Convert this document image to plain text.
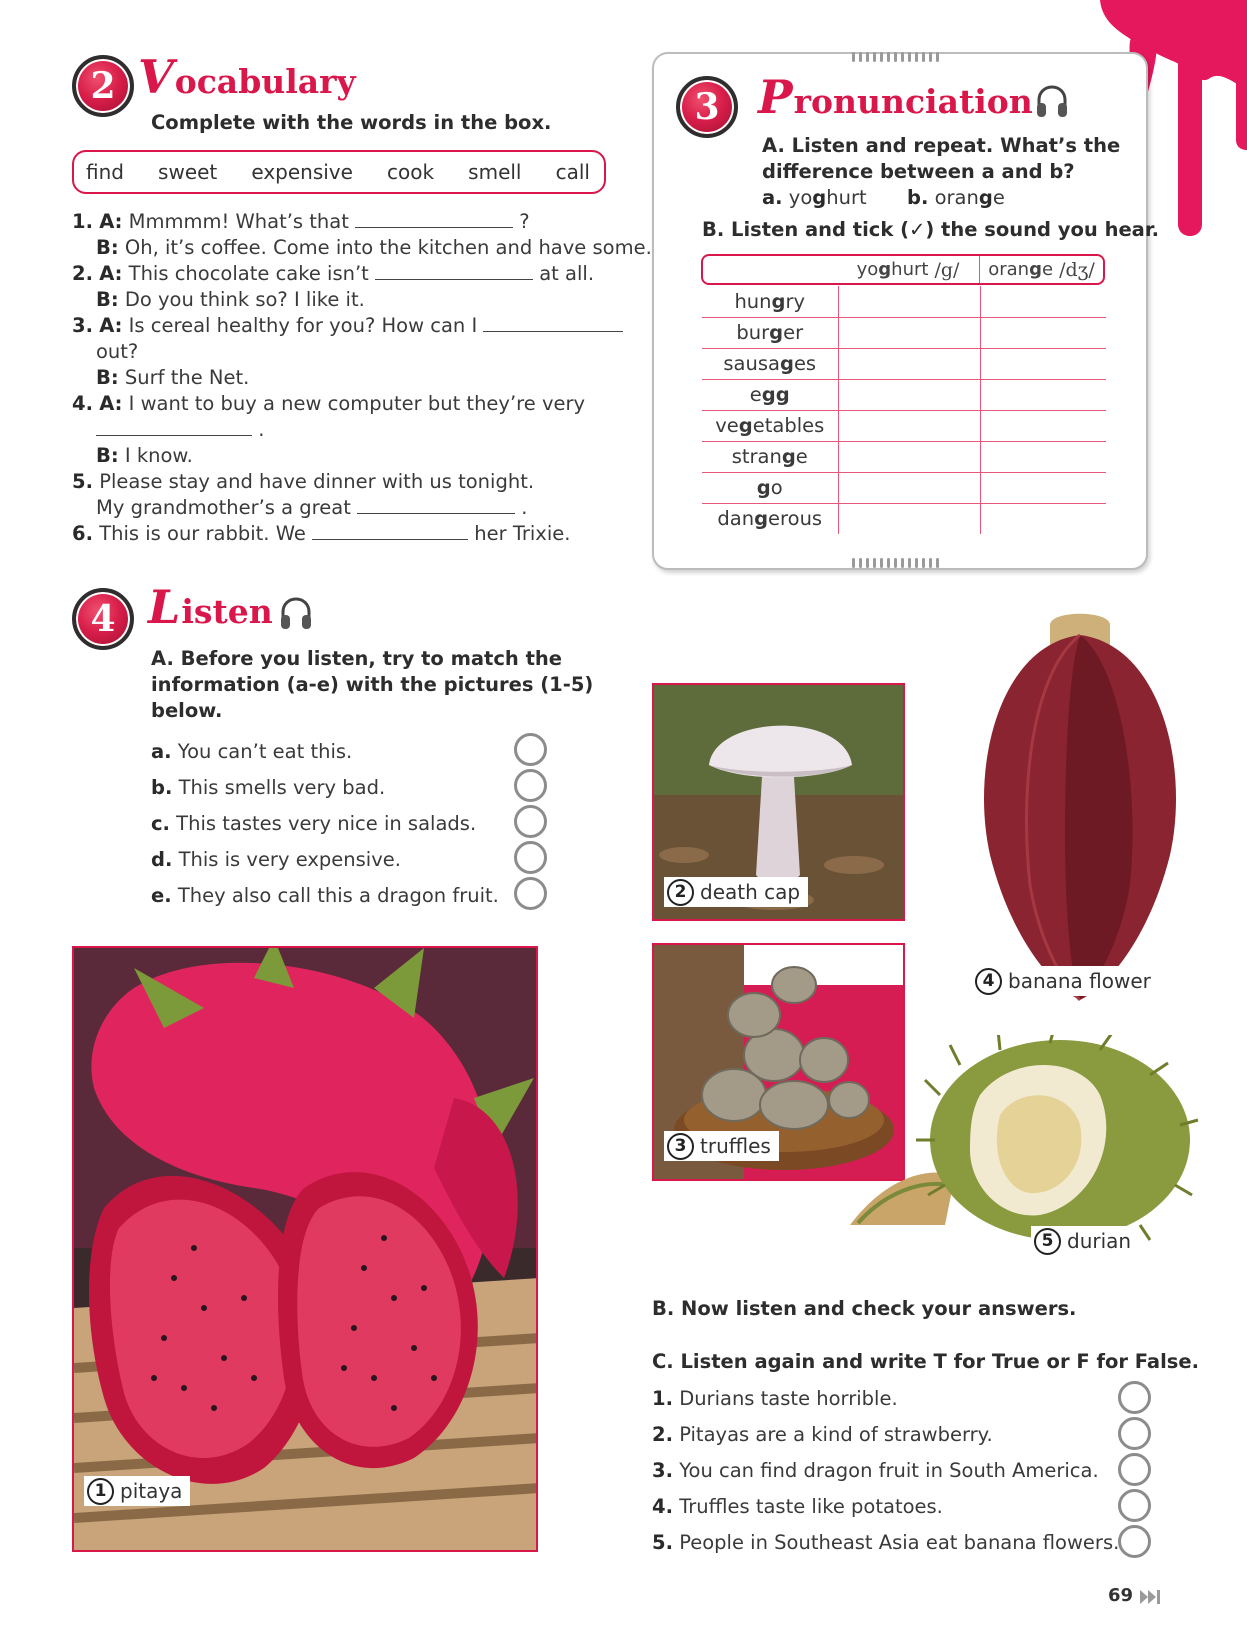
2 Vocabulary
Complete with the words in the box.
find sweet expensive cook smell call
1. A: Mmmmm! What’s that	?
B: Oh, it’s coffee. Come into the kitchen and have some.
2. A: This chocolate cake isn’t	at all.
B: Do you think so? I like it.
3. A: Is cereal healthy for you? How can I
out?
B: Surf the Net.
4. A: I want to buy a new computer but they’re very
.
B: I know.
5. Please stay and have dinner with us tonight.
My grandmother’s a great	.
6. This is our rabbit. We	her Trixie.
3 Pronunciation
A. Listen and repeat. What’s the
difference between a and b?
a. yoghurt b. orange
B. Listen and tick (✓) the sound you hear.
yo g hurt /g/ oran g e /dʒ/
hungry		
burger		
sausages		
egg		
vegetables		
strange		
go		
dangerous		
4 Listen
A. Before you listen, try to match the
information (a-e) with the pictures (1-5)
below.
a. You can’t eat this.
b. This smells very bad.
c. This tastes very nice in salads.
d. This is very expensive.
e. They also call this a dragon fruit.
1 pitaya
2 death cap
3 truffles
4 banana flower
5 durian
B. Now listen and check your answers.
C. Listen again and write T for True or F for False.
1. Durians taste horrible.
2. Pitayas are a kind of strawberry.
3. You can find dragon fruit in South America.
4. Truffles taste like potatoes.
5. People in Southeast Asia eat banana flowers.
69
